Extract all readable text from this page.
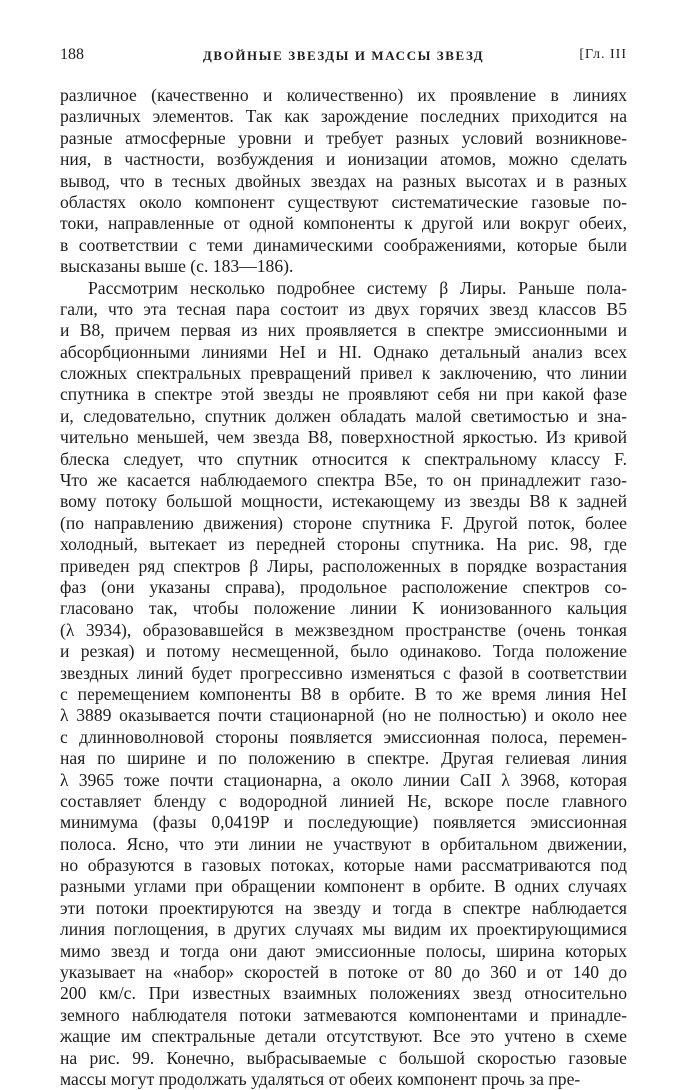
188	ДВОЙНЫЕ ЗВЕЗДЫ И МАССЫ ЗВЕЗД	[Гл. III
различное (качественно и количественно) их проявление в линиях
различных элементов. Так как зарождение последних приходится на
разные атмосферные уровни и требует разных условий возникнове-
ния, в частности, возбуждения и ионизации атомов, можно сделать
вывод, что в тесных двойных звездах на разных высотах и в разных
областях около компонент существуют систематические газовые по-
токи, направленные от одной компоненты к другой или вокруг обеих,
в соответствии с теми динамическими соображениями, которые были
высказаны выше (с. 183—186).
Рассмотрим несколько подробнее систему β Лиры. Раньше пола-
гали, что эта тесная пара состоит из двух горячих звезд классов B5
и B8, причем первая из них проявляется в спектре эмиссионными и
абсорбционными линиями HeI и HI. Однако детальный анализ всех
сложных спектральных превращений привел к заключению, что линии
спутника в спектре этой звезды не проявляют себя ни при какой фазе
и, следовательно, спутник должен обладать малой светимостью и зна-
чительно меньшей, чем звезда B8, поверхностной яркостью. Из кривой
блеска следует, что спутник относится к спектральному классу F.
Что же касается наблюдаемого спектра B5e, то он принадлежит газо-
вому потоку большой мощности, истекающему из звезды B8 к задней
(по направлению движения) стороне спутника F. Другой поток, более
холодный, вытекает из передней стороны спутника. На рис. 98, где
приведен ряд спектров β Лиры, расположенных в порядке возрастания
фаз (они указаны справа), продольное расположение спектров со-
гласовано так, чтобы положение линии K ионизованного кальция
(λ 3934), образовавшейся в межзвездном пространстве (очень тонкая
и резкая) и потому несмещенной, было одинаково. Тогда положение
звездных линий будет прогрессивно изменяться с фазой в соответствии
с перемещением компоненты B8 в орбите. В то же время линия HeI
λ 3889 оказывается почти стационарной (но не полностью) и около нее
с длинноволновой стороны появляется эмиссионная полоса, перемен-
ная по ширине и по положению в спектре. Другая гелиевая линия
λ 3965 тоже почти стационарна, а около линии CaII λ 3968, которая
составляет бленду с водородной линией Hε, вскоре после главного
минимума (фазы 0,0419P и последующие) появляется эмиссионная
полоса. Ясно, что эти линии не участвуют в орбитальном движении,
но образуются в газовых потоках, которые нами рассматриваются под
разными углами при обращении компонент в орбите. В одних случаях
эти потоки проектируются на звезду и тогда в спектре наблюдается
линия поглощения, в других случаях мы видим их проектирующимися
мимо звезд и тогда они дают эмиссионные полосы, ширина которых
указывает на «набор» скоростей в потоке от 80 до 360 и от 140 до
200 км/с. При известных взаимных положениях звезд относительно
земного наблюдателя потоки затмеваются компонентами и принадле-
жащие им спектральные детали отсутствуют. Все это учтено в схеме
на рис. 99. Конечно, выбрасываемые с большой скоростью газовые
массы могут продолжать удаляться от обеих компонент прочь за пре-
